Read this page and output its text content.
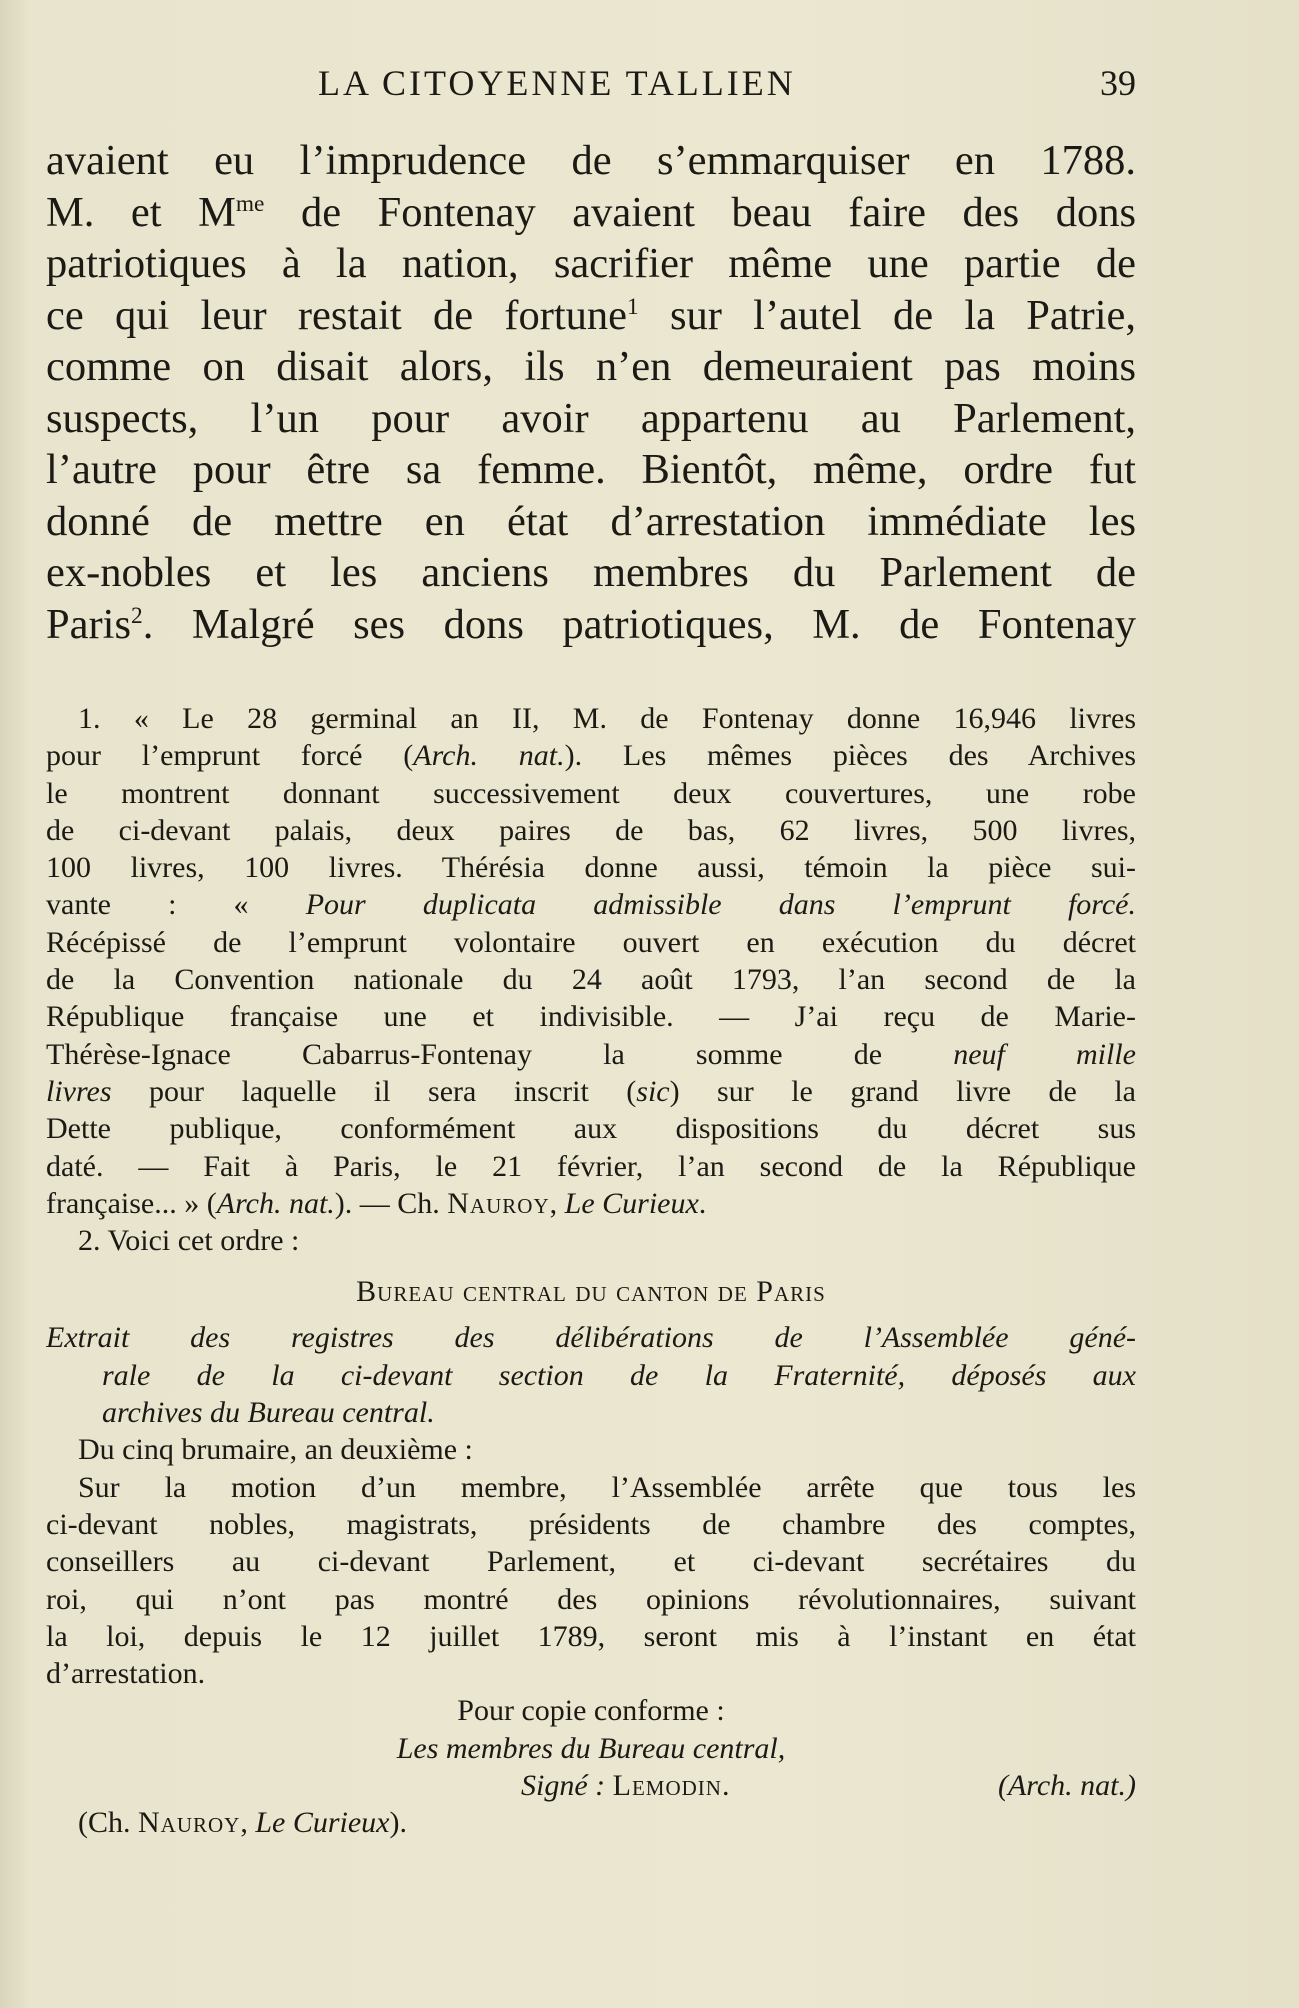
LA CITOYENNE TALLIEN	39
avaient eu l’imprudence de s’emmarquiser en 1788.
M. et $M^{me}$ de Fontenay avaient beau faire des dons
patriotiques à la nation, sacrifier même une partie de
ce qui leur restait de fortune$^1$ sur l’autel de la Patrie,
comme on disait alors, ils n’en demeuraient pas moins
suspects, l’un pour avoir appartenu au Parlement,
l’autre pour être sa femme. Bientôt, même, ordre fut
donné de mettre en état d’arrestation immédiate les
ex-nobles et les anciens membres du Parlement de
Paris$^2$. Malgré ses dons patriotiques, M. de Fontenay
1. « Le 28 germinal an II, M. de Fontenay donne 16,946 livres
pour l’emprunt forcé (Arch. nat.). Les mêmes pièces des Archives
le montrent donnant successivement deux couvertures, une robe
de ci-devant palais, deux paires de bas, 62 livres, 500 livres,
100 livres, 100 livres. Thérésia donne aussi, témoin la pièce sui-
vante : « Pour duplicata admissible dans l’emprunt forcé.
Récépissé de l’emprunt volontaire ouvert en exécution du décret
de la Convention nationale du 24 août 1793, l’an second de la
République française une et indivisible. — J’ai reçu de Marie-
Thérèse-Ignace Cabarrus-Fontenay la somme de neuf mille
livres pour laquelle il sera inscrit (sic) sur le grand livre de la
Dette publique, conformément aux dispositions du décret sus
daté. — Fait à Paris, le 21 février, l’an second de la République
française... » (Arch. nat.). — Ch. Nauroy, Le Curieux.
2. Voici cet ordre :
Bureau central du canton de Paris
Extrait des registres des délibérations de l’Assemblée géné-
rale de la ci-devant section de la Fraternité, déposés aux
archives du Bureau central.
Du cinq brumaire, an deuxième :
Sur la motion d’un membre, l’Assemblée arrête que tous les
ci-devant nobles, magistrats, présidents de chambre des comptes,
conseillers au ci-devant Parlement, et ci-devant secrétaires du
roi, qui n’ont pas montré des opinions révolutionnaires, suivant
la loi, depuis le 12 juillet 1789, seront mis à l’instant en état
d’arrestation.
Pour copie conforme :
Les membres du Bureau central,
Signé : Lemodin.	(Arch. nat.)
(Ch. Nauroy, Le Curieux).
